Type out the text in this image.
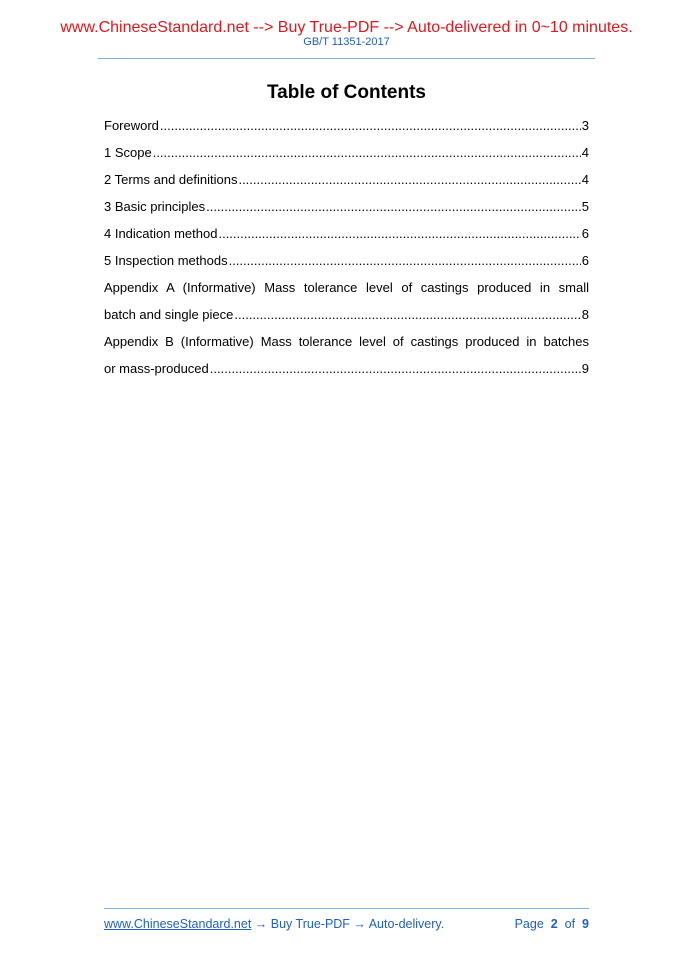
www.ChineseStandard.net --> Buy True-PDF --> Auto-delivered in 0~10 minutes.
GB/T 11351-2017
Table of Contents
Foreword .....	3
1 Scope .....	4
2 Terms and definitions .....	4
3 Basic principles .....	5
4 Indication method .....	6
5 Inspection methods .....	6
Appendix A (Informative) Mass tolerance level of castings produced in small
batch and single piece .....	8
Appendix B (Informative) Mass tolerance level of castings produced in batches
or mass-produced .....	9
www.ChineseStandard.net → Buy True-PDF → Auto-delivery.	Page 2 of 9
